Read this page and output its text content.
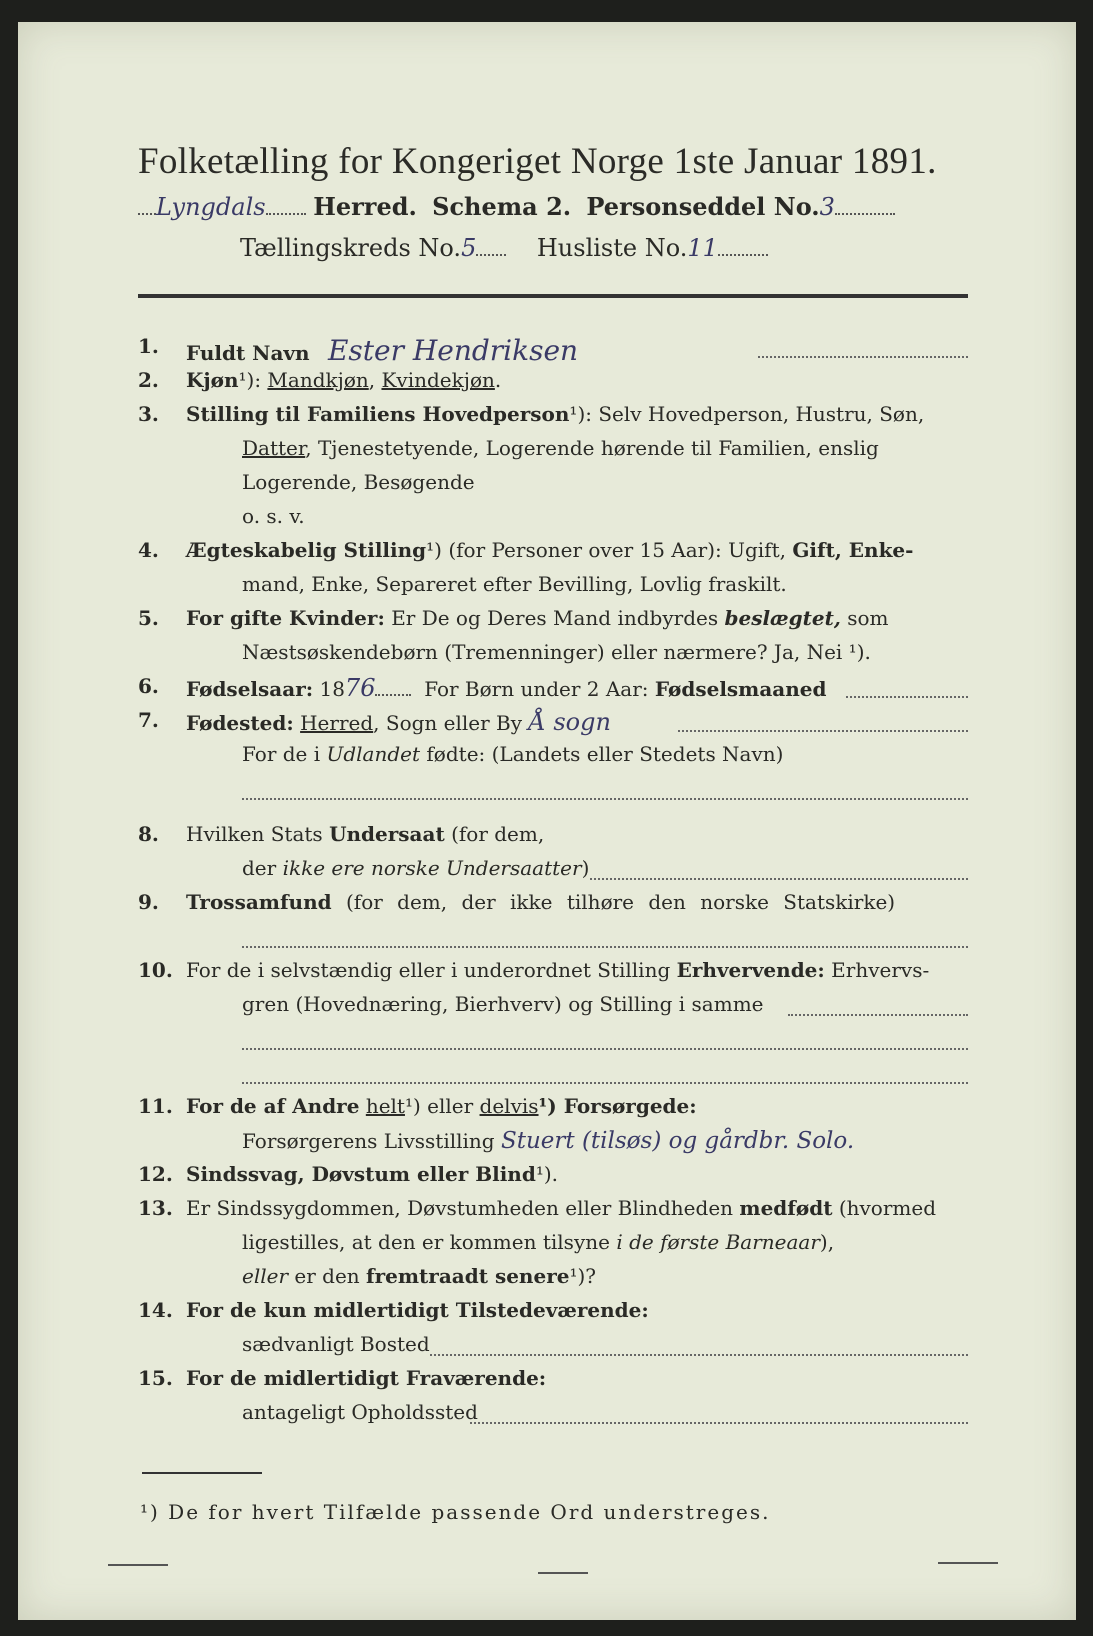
Folketælling for Kongeriget Norge 1ste Januar 1891.
Lyngdals Herred. Schema 2. Personseddel No.3
Tællingskreds No.5	Husliste No.11
1.	Fuldt Navn Ester Hendriksen
2.	Kjøn¹): Mandkjøn, Kvindekjøn.
3.	Stilling til Familiens Hovedperson¹): Selv Hovedperson, Hustru, Søn,
Datter, Tjenestetyende, Logerende hørende til Familien, enslig
Logerende, Besøgende
o. s. v.
4.	Ægteskabelig Stilling¹) (for Personer over 15 Aar): Ugift, Gift, Enke-
mand, Enke, Separeret efter Bevilling, Lovlig fraskilt.
5.	For gifte Kvinder: Er De og Deres Mand indbyrdes beslægtet, som
Næstsøskendebørn (Tremenninger) eller nærmere? Ja, Nei ¹).
6.	Fødselsaar: 1876 For Børn under 2 Aar: Fødselsmaaned
7.	Fødested: Herred, Sogn eller By Å sogn
For de i Udlandet fødte: (Landets eller Stedets Navn)
8.	Hvilken Stats Undersaat (for dem,
der ikke ere norske Undersaatter)
9.	Trossamfund (for dem, der ikke tilhøre den norske Statskirke)
10. For de i selvstændig eller i underordnet Stilling Erhvervende: Erhvervs-
gren (Hovednæring, Bierhverv) og Stilling i samme
11. For de af Andre helt¹) eller delvis¹) Forsørgede:
Forsørgerens Livsstilling Stuert (tilsøs) og gårdbr. Solo.
12. Sindssvag, Døvstum eller Blind¹).
13. Er Sindssygdommen, Døvstumheden eller Blindheden medfødt (hvormed
ligestilles, at den er kommen tilsyne i de første Barneaar),
eller er den fremtraadt senere¹)?
14. For de kun midlertidigt Tilstedeværende:
sædvanligt Bosted
15. For de midlertidigt Fraværende:
antageligt Opholdssted
¹) De for hvert Tilfælde passende Ord understreges.
